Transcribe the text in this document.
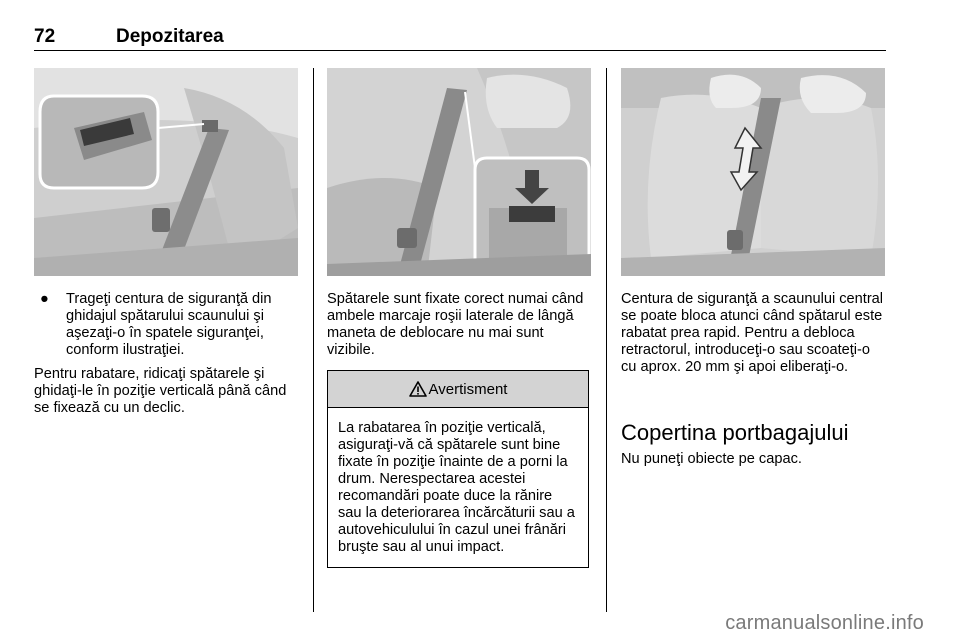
72	Depozitarea
● Trageţi centura de siguranţă din ghidajul spătarului scaunului şi aşezaţi-o în spatele siguranţei, conform ilustraţiei.

Pentru rabatare, ridicaţi spătarele şi ghidaţi-le în poziţie verticală până când se fixează cu un declic.

Spătarele sunt fixate corect numai când ambele marcaje roşii laterale de lângă maneta de deblocare nu mai sunt vizibile.

Avertisment
La rabatarea în poziţie verticală, asiguraţi-vă că spătarele sunt bine fixate în poziţie înainte de a porni la drum. Nerespectarea acestei recomandări poate duce la rănire sau la deteriorarea încărcăturii sau a autovehiculului în cazul unei frânări bruşte sau al unui impact.

Centura de siguranţă a scaunului central se poate bloca atunci când spătarul este rabatat prea rapid. Pentru a debloca retractorul, introduceţi-o sau scoateţi-o cu aprox. 20 mm şi apoi eliberaţi-o.

Copertina portbagajului
Nu puneţi obiecte pe capac.
carmanualsonline.info
